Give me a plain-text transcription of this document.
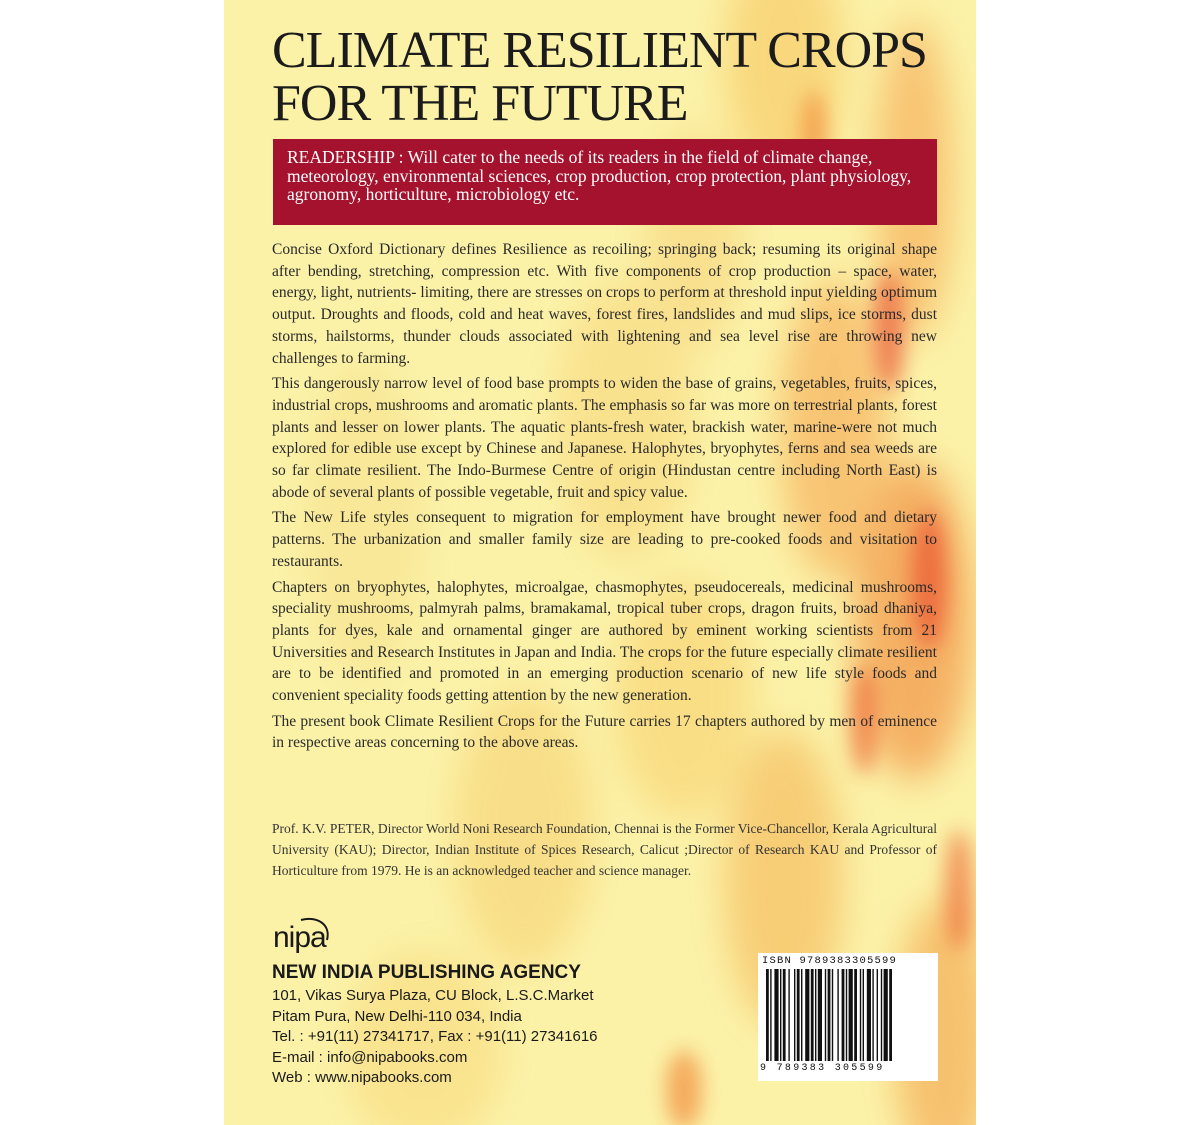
CLIMATE RESILIENT CROPS
FOR THE FUTURE
READERSHIP : Will cater to the needs of its readers in the field of climate change, meteorology, environmental sciences, crop production, crop protection, plant physiology, agronomy, horticulture, microbiology etc.

Concise Oxford Dictionary defines Resilience as recoiling; springing back; resuming its original shape after bending, stretching, compression etc. With five components of crop production – space, water, energy, light, nutrients- limiting, there are stresses on crops to perform at threshold input yielding optimum output. Droughts and floods, cold and heat waves, forest fires, landslides and mud slips, ice storms, dust storms, hailstorms, thunder clouds associated with lightening and sea level rise are throwing new challenges to farming.

This dangerously narrow level of food base prompts to widen the base of grains, vegetables, fruits, spices, industrial crops, mushrooms and aromatic plants. The emphasis so far was more on terrestrial plants, forest plants and lesser on lower plants. The aquatic plants-fresh water, brackish water, marine-were not much explored for edible use except by Chinese and Japanese. Halophytes, bryophytes, ferns and sea weeds are so far climate resilient. The Indo-Burmese Centre of origin (Hindustan centre including North East) is abode of several plants of possible vegetable, fruit and spicy value.

The New Life styles consequent to migration for employment have brought newer food and dietary patterns. The urbanization and smaller family size are leading to pre-cooked foods and visitation to restaurants.

Chapters on bryophytes, halophytes, microalgae, chasmophytes, pseudocereals, medicinal mushrooms, speciality mushrooms, palmyrah palms, bramakamal, tropical tuber crops, dragon fruits, broad dhaniya, plants for dyes, kale and ornamental ginger are authored by eminent working scientists from 21 Universities and Research Institutes in Japan and India. The crops for the future especially climate resilient are to be identified and promoted in an emerging production scenario of new life style foods and convenient speciality foods getting attention by the new generation.

The present book Climate Resilient Crops for the Future carries 17 chapters authored by men of eminence in respective areas concerning to the above areas.

Prof. K.V. PETER, Director World Noni Research Foundation, Chennai is the Former Vice-Chancellor, Kerala Agricultural University (KAU); Director, Indian Institute of Spices Research, Calicut ;Director of Research KAU and Professor of Horticulture from 1979. He is an acknowledged teacher and science manager.

nipa
NEW INDIA PUBLISHING AGENCY
101, Vikas Surya Plaza, CU Block, L.S.C.Market
Pitam Pura, New Delhi-110 034, India
Tel. : +91(11) 27341717, Fax : +91(11) 27341616
E-mail : info@nipabooks.com
Web : www.nipabooks.com
ISBN 9789383305599
9 789383 305599
